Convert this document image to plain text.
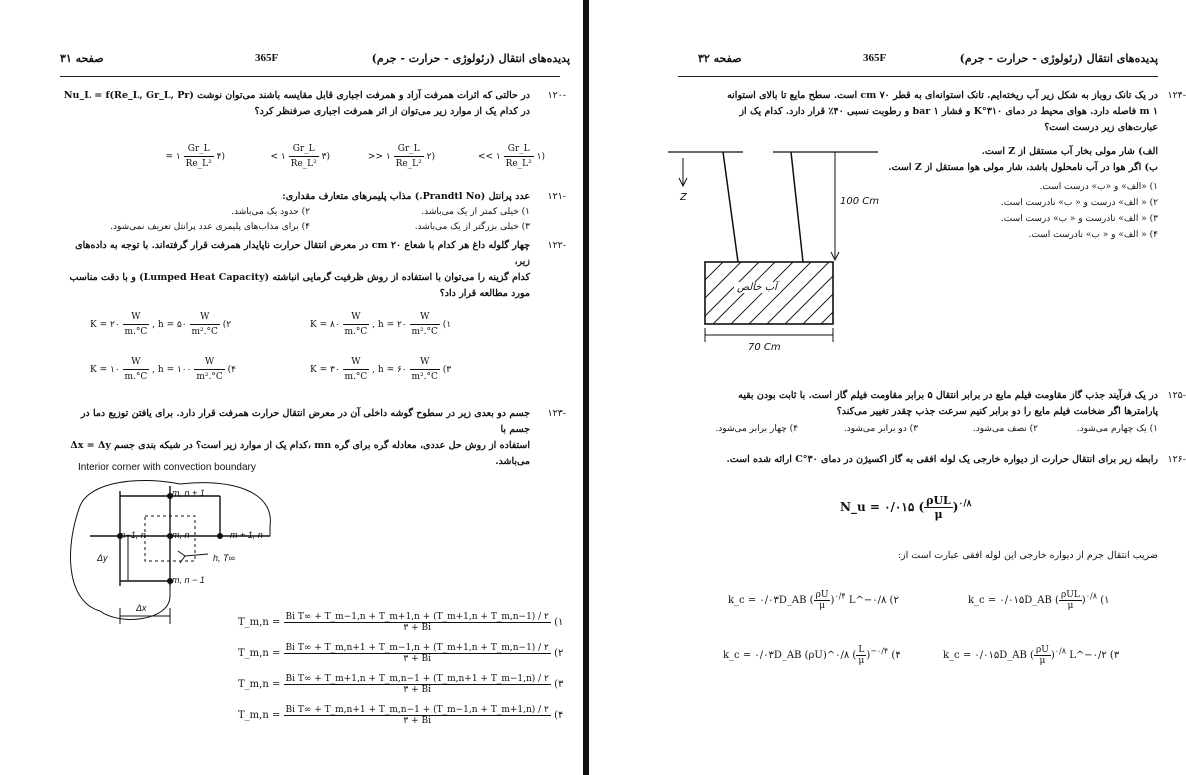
صفحه ۳۱	365F	پدیده‌های انتقال (رئولوژی - حرارت - جرم)
-۱۲۰
در حالتی که اثرات همرفت آزاد و همرفت اجباری قابل مقایسه باشند می‌توان نوشت Nu_L = f(Re_L, Gr_L, Pr)
در کدام یک از موارد زیر می‌توان از اثر همرفت اجباری صرفنظر کرد؟
(۱
$\frac{Gr\_L}{\text{Re\_L²}}$
<< ۱
(۲
$\frac{Gr\_L}{\text{Re\_L²}}$
>> ۱
(۳
$\frac{Gr\_L}{\text{Re\_L²}}$
< ۱
(۴
$\frac{Gr\_L}{\text{Re\_L²}}$
= ۱
-۱۲۱
عدد پرانتل (Prandtl No.) مذاب پلیمرهای متعارف مقداری:
۱) خیلی کمتر از یک می‌باشد.
۲) حدود یک می‌باشد.
۳) خیلی بزرگتر از یک می‌باشد.
۴) برای مذاب‌های پلیمری عدد پرانتل تعریف نمی‌شود.
-۱۲۲
چهار گلوله داغ هر کدام با شعاع ۲۰ cm در معرض انتقال حرارت ناپایدار همرفت قرار گرفته‌اند. با توجه به داده‌های زیر،
کدام گزینه را می‌توان با استفاده از روش ظرفیت گرمایی انباشته (Lumped Heat Capacity) و با دقت مناسب
مورد مطالعه قرار داد؟
K = ۸۰ $\frac{W}{m.^\circ C}$ , h = ۲۰ $\frac{W}{\text{m².°C}}$ (۱
K = ۲۰ $\frac{W}{m.^\circ C}$ , h = ۵۰ $\frac{W}{\text{m².°C}}$ (۲
K = ۳۰ $\frac{W}{m.^\circ C}$ , h = ۶۰ $\frac{W}{\text{m².°C}}$ (۳
K = ۱۰ $\frac{W}{m.^\circ C}$ , h = ۱۰۰ $\frac{W}{\text{m².°C}}$ (۴
-۱۲۳
جسم دو بعدی زیر در سطوح گوشه داخلی آن در معرض انتقال حرارت همرفت قرار دارد. برای یافتن توزیع دما در جسم با
استفاده از روش حل عددی، معادله گره برای گره mn ،کدام یک از موارد زیر است؟ در شبکه بندی جسم Δx = Δy
می‌باشد.
Interior corner with convection boundary
m, n + 1
m−1, n	m, n	m + 1, n
m, n − 1
h, T∞
Δy
Δx
T_m,n = $\frac{\text{Bi T∞ + T\_m−1,n + T\_m+1,n + (T\_m+1,n + T\_m,n−1) / ۲}}{۳ + Bi}$ (۱
T_m,n = $\frac{\text{Bi T∞ + T\_m,n+1 + T\_m−1,n + (T\_m+1,n + T\_m,n−1) / ۲}}{۳ + Bi}$ (۲
T_m,n = $\frac{\text{Bi T∞ + T\_m+1,n + T\_m,n−1 + (T\_m,n+1 + T\_m−1,n) / ۲}}{۳ + Bi}$ (۳
T_m,n = $\frac{\text{Bi T∞ + T\_m,n+1 + T\_m,n−1 + (T\_m−1,n + T\_m+1,n) / ۲}}{۳ + Bi}$ (۴
صفحه ۳۲	365F	پدیده‌های انتقال (رئولوژی - حرارت - جرم)
-۱۲۴
در یک تانک روباز به شکل زیر آب ریخته‌ایم. تانک استوانه‌ای به قطر ۷۰ cm است. سطح مایع تا بالای استوانه
۱ m فاصله دارد. هوای محیط در دمای ۳۱۰°K و فشار ۱ bar و رطوبت نسبی ۴۰٪ قرار دارد. کدام یک از
عبارت‌های زیر درست است؟
الف) شار مولی بخار آب مستقل از Z است.
ب) اگر هوا در آب نامحلول باشد، شار مولی هوا مستقل از Z است.
۱) «الف» و «ب» درست است.
۲) « الف» درست و « ب» نادرست است.
۳) « الف» نادرست و « ب» درست است.
۴) « الف» و « ب» نادرست است.
Z	100 Cm
70 Cm
آب خالص
-۱۲۵
در یک فرآیند جذب گاز مقاومت فیلم مایع در برابر انتقال ۵ برابر مقاومت فیلم گاز است. با ثابت بودن بقیه
پارامترها اگر ضخامت فیلم مایع را دو برابر کنیم سرعت جذب چقدر تغییر می‌کند؟
۱) یک چهارم می‌شود.
۲) نصف می‌شود.
۳) دو برابر می‌شود.
۴) چهار برابر می‌شود.
-۱۲۶
رابطه زیر برای انتقال حرارت از دیواره خارجی یک لوله افقی به گاز اکسیژن در دمای ۳۰°C ارائه شده است.
N_u = ۰/۰۱۵ ( $\frac{\text{ρUL}}{\mu} )^{۰/۸}$
ضریب انتقال جرم از دیواره خارجی این لوله افقی عبارت است از:
k_c = ۰/۰۱۵D_AB ( $\frac{\text{ρUL}}{\mu} )^{۰/۸}$ (۱
k_c = ۰/۰۳D_AB ( $\frac{\rho U}{\mu} )^{۰/۴}$ L^−۰/۸ (۲
k_c = ۰/۰۱۵D_AB ( $\frac{\rho U}{\mu} )^{۰/۸}$ L^−۰/۲ (۳
k_c = ۰/۰۳D_AB (ρU)^۰/۸ ( $\frac{L}{\mu} )^{-۰/۴}$ (۴
